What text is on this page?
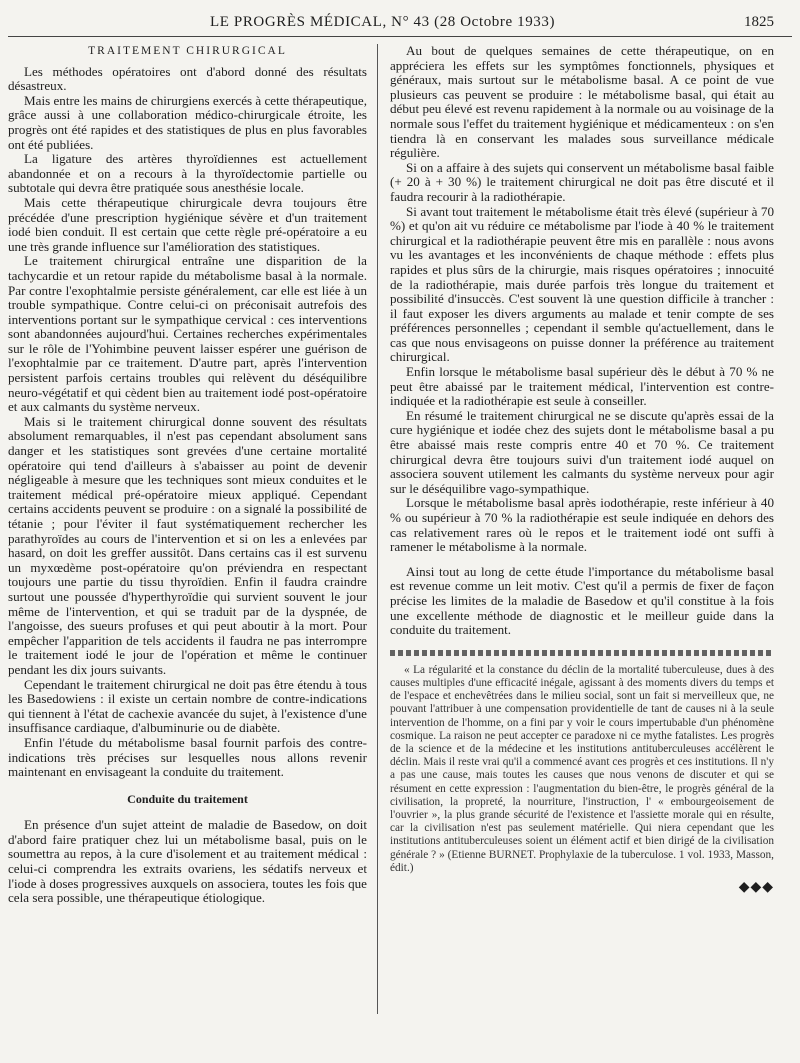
LE PROGRÈS MÉDICAL, N° 43 (28 Octobre 1933)	1825
TRAITEMENT CHIRURGICAL

Les méthodes opératoires ont d'abord donné des résultats désastreux.

Mais entre les mains de chirurgiens exercés à cette thérapeutique, grâce aussi à une collaboration médico-chirurgicale étroite, les progrès ont été rapides et des statistiques de plus en plus favorables ont été publiées.

La ligature des artères thyroïdiennes est actuellement abandonnée et on a recours à la thyroïdectomie partielle ou subtotale qui devra être pratiquée sous anesthésie locale.

Mais cette thérapeutique chirurgicale devra toujours être précédée d'une prescription hygiénique sévère et d'un traitement iodé bien conduit. Il est certain que cette règle pré-opératoire a eu une très grande influence sur l'amélioration des statistiques.

Le traitement chirurgical entraîne une disparition de la tachycardie et un retour rapide du métabolisme basal à la normale. Par contre l'exophtalmie persiste généralement, car elle est liée à un trouble sympathique. Contre celui-ci on préconisait autrefois des interventions portant sur le sympathique cervical : ces interventions sont abandonnées aujourd'hui. Certaines recherches expérimentales sur le rôle de l'Yohimbine peuvent laisser espérer une guérison de l'exophtalmie par ce traitement. D'autre part, après l'intervention persistent parfois certains troubles qui relèvent du déséquilibre neuro-végétatif et qui cèdent bien au traitement iodé post-opératoire et aux calmants du système nerveux.

Mais si le traitement chirurgical donne souvent des résultats absolument remarquables, il n'est pas cependant absolument sans danger et les statistiques sont grevées d'une certaine mortalité opératoire qui tend d'ailleurs à s'abaisser au point de devenir négligeable à mesure que les techniques sont mieux conduites et le traitement médical pré-opératoire mieux appliqué. Cependant certains accidents peuvent se produire : on a signalé la possibilité de tétanie ; pour l'éviter il faut systématiquement rechercher les parathyroïdes au cours de l'intervention et si on les a enlevées par hasard, on doit les greffer aussitôt. Dans certains cas il est survenu un myxœdème post-opératoire qu'on préviendra en respectant toujours une partie du tissu thyroïdien. Enfin il faudra craindre surtout une poussée d'hyperthyroïdie qui survient souvent le jour même de l'intervention, et qui se traduit par de la dyspnée, de l'angoisse, des sueurs profuses et qui peut aboutir à la mort. Pour empêcher l'apparition de tels accidents il faudra ne pas interrompre le traitement iodé le jour de l'opération et même le continuer pendant les dix jours suivants.

Cependant le traitement chirurgical ne doit pas être étendu à tous les Basedowiens : il existe un certain nombre de contre-indications qui tiennent à l'état de cachexie avancée du sujet, à l'existence d'une insuffisance cardiaque, d'albuminurie ou de diabète.

Enfin l'étude du métabolisme basal fournit parfois des contre-indications très précises sur lesquelles nous allons revenir maintenant en envisageant la conduite du traitement.

Conduite du traitement

En présence d'un sujet atteint de maladie de Basedow, on doit d'abord faire pratiquer chez lui un métabolisme basal, puis on le soumettra au repos, à la cure d'isolement et au traitement médical : celui-ci comprendra les extraits ovariens, les sédatifs nerveux et l'iode à doses progressives auxquels on associera, toutes les fois que cela sera possible, une thérapeutique étiologique.

Au bout de quelques semaines de cette thérapeutique, on en appréciera les effets sur les symptômes fonctionnels, physiques et généraux, mais surtout sur le métabolisme basal. A ce point de vue plusieurs cas peuvent se produire : le métabolisme basal, qui était au début peu élevé est revenu rapidement à la normale ou au voisinage de la normale sous l'effet du traitement hygiénique et médicamenteux : on s'en tiendra là en conservant les malades sous surveillance médicale régulière.

Si on a affaire à des sujets qui conservent un métabolisme basal faible (+ 20 à + 30 %) le traitement chirurgical ne doit pas être discuté et il faudra recourir à la radiothérapie.

Si avant tout traitement le métabolisme était très élevé (supérieur à 70 %) et qu'on ait vu réduire ce métabolisme par l'iode à 40 % le traitement chirurgical et la radiothérapie peuvent être mis en parallèle : nous avons vu les avantages et les inconvénients de chaque méthode : effets plus rapides et plus sûrs de la chirurgie, mais risques opératoires ; innocuité de la radiothérapie, mais durée parfois très longue du traitement et possibilité d'insuccès. C'est souvent là une question difficile à trancher : il faut exposer les divers arguments au malade et tenir compte de ses préférences personnelles ; cependant il semble qu'actuellement, dans le cas que nous envisageons on puisse donner la préférence au traitement chirurgical.

Enfin lorsque le métabolisme basal supérieur dès le début à 70 % ne peut être abaissé par le traitement médical, l'intervention est contre-indiquée et la radiothérapie est seule à conseiller.

En résumé le traitement chirurgical ne se discute qu'après essai de la cure hygiénique et iodée chez des sujets dont le métabolisme basal a pu être abaissé mais reste compris entre 40 et 70 %. Ce traitement chirurgical devra être toujours suivi d'un traitement iodé auquel on associera souvent utilement les calmants du système nerveux pour agir sur le déséquilibre vago-sympathique.

Lorsque le métabolisme basal après iodothérapie, reste inférieur à 40 % ou supérieur à 70 % la radiothérapie est seule indiquée en dehors des cas relativement rares où le repos et le traitement iodé ont suffi à ramener le métabolisme à la normale.

Ainsi tout au long de cette étude l'importance du métabolisme basal est revenue comme un leit motiv. C'est qu'il a permis de fixer de façon précise les limites de la maladie de Basedow et qu'il constitue à la fois une excellente méthode de diagnostic et le meilleur guide dans la conduite du traitement.

« La régularité et la constance du déclin de la mortalité tuberculeuse, dues à des causes multiples d'une efficacité inégale, agissant à des moments divers du temps et de l'espace et enchevêtrées dans le milieu social, sont un fait si merveilleux que, ne pouvant l'attribuer à une compensation providentielle de tant de causes ni à la seule intervention de l'homme, on a fini par y voir le cours impertubable d'un phénomène cosmique. La raison ne peut accepter ce paradoxe ni ce mythe fatalistes. Les progrès de la science et de la médecine et les institutions antituberculeuses accélèrent le déclin. Mais il reste vrai qu'il a commencé avant ces progrès et ces institutions. Il n'y a pas une cause, mais toutes les causes que nous venons de discuter et qui se résument en cette expression : l'augmentation du bien-être, le progrès général de la civilisation, la propreté, la nourriture, l'instruction, l' « embourgeoisement de l'ouvrier », la plus grande sécurité de l'existence et l'assiette morale qui en résulte, car la civilisation n'est pas seulement matérielle. Qui niera cependant que les institutions antituberculeuses soient un élément actif et bien dirigé de la civilisation générale ? » (Etienne BURNET. Prophylaxie de la tuberculose. 1 vol. 1933, Masson, édit.)

◆◆◆
